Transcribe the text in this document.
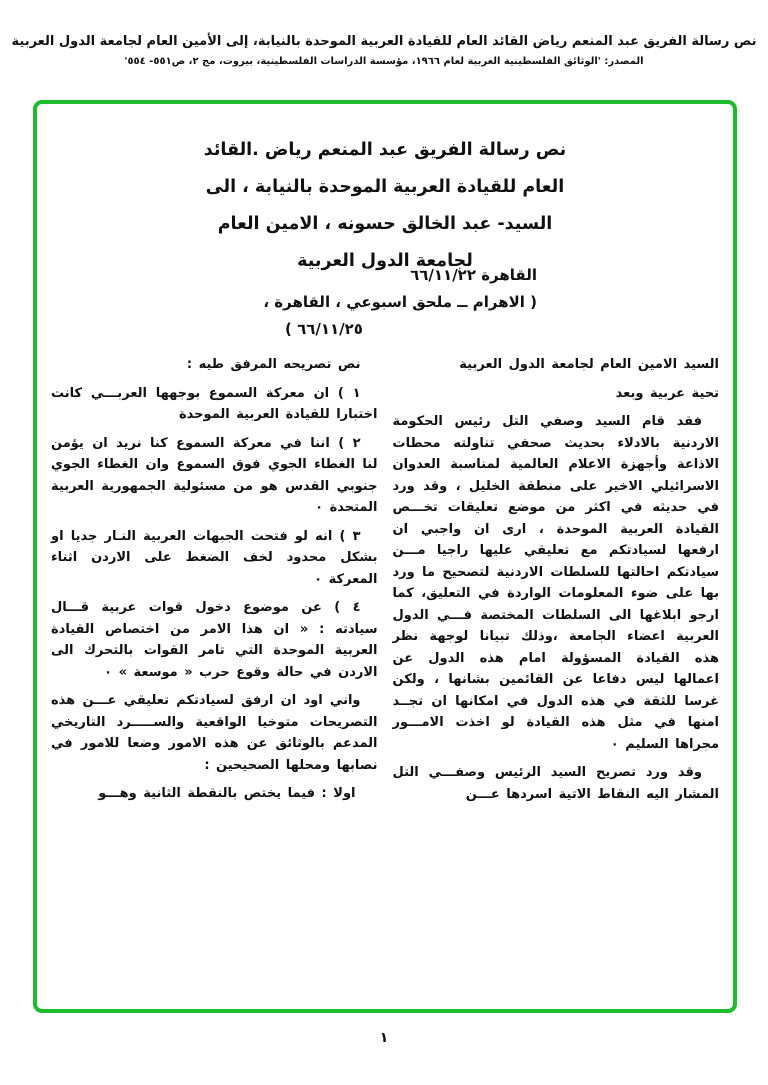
نص رسالة الفريق عبد المنعم رياض القائد العام للقيادة العربية الموحدة بالنيابة، إلى الأمين العام لجامعة الدول العربية
المصدر: 'الوثائق الفلسطينية العربية لعام ١٩٦٦، مؤسسة الدراسات الفلسطينية، بيروت، مج ٢، ص٥٥١- ٥٥٤'
نص رسالة الفريق عبد المنعم رياض .القائد
العام للقيادة العربية الموحدة بالنيابة ، الى
السيد- عبد الخالق حسونه ، الامين العام
لجامعة الدول العربية
القاهرة ٦٦/١١/٢٢
( الاهرام ــ ملحق اسبوعي ، القاهرة ،
٦٦/١١/٢٥ )

السيد الامين العام لجامعة الدول العربية

تحية عربية وبعد

فقد قام السيد وصفي التل رئيس الحكومة الاردنية بالادلاء بحديث صحفي تناولته محطات الاذاعة وأجهزة الاعلام العالمية لمناسبة العدوان الاسرائيلي الاخير على منطقة الخليل ، وقد ورد في حديثه في اكثر من موضع تعليقات تخـــص القيادة العربية الموحدة ، ارى ان واجبي ان ارفعها لسيادتكم مع تعليقي عليها راجيا مـــن سيادتكم احالتها للسلطات الاردنية لتصحيح ما ورد بها على ضوء المعلومات الواردة في التعليق، كما ارجو ابلاغها الى السلطات المختصة فـــي الدول العربية اعضاء الجامعة ،وذلك تبيانا لوجهة نظر هذه القيادة المسؤولة امام هذه الدول عن اعمالها ليس دفاعا عن القائمين بشانها ، ولكن غرسا للثقة في هذه الدول في امكانها ان تجــد امنها في مثل هذه القيادة لو اخذت الامـــور مجراها السليم ٠

وقد ورد تصريح السيد الرئيس وصفـــي التل المشار اليه النقاط الاتية اسردها عـــن

نص تصريحه المرفق طيه :

١ ) ان معركة السموع بوجهها العربـــي كانت اختبارا للقيادة العربية الموحدة

٢ ) اننا في معركة السموع كنا نريد ان يؤمن لنا الغطاء الجوي فوق السموع وان الغطاء الجوي جنوبي القدس هو من مسئولية الجمهورية العربية المتحدة ٠

٣ ) انه لو فتحت الجبهات العربية النـار جديا او بشكل محدود لخف الضغط على الاردن اثناء المعركة ٠

٤ ) عن موضوع دخول قوات عربية قـــال سيادته : « ان هذا الامر من اختصاص القيادة العربية الموحدة التي تامر القوات بالتحرك الى الاردن في حالة وقوع حرب « موسعة » ٠

واني اود ان ارفق لسيادتكم تعليقي عـــن هذه التصريحات متوخيا الواقعية والســـــرد التاريخي المدعم بالوثائق عن هذه الامور وضعا للامور في نصابها ومحلها الصحيحين :

اولا : فيما يختص بالنقطة الثانية وهـــو

١
